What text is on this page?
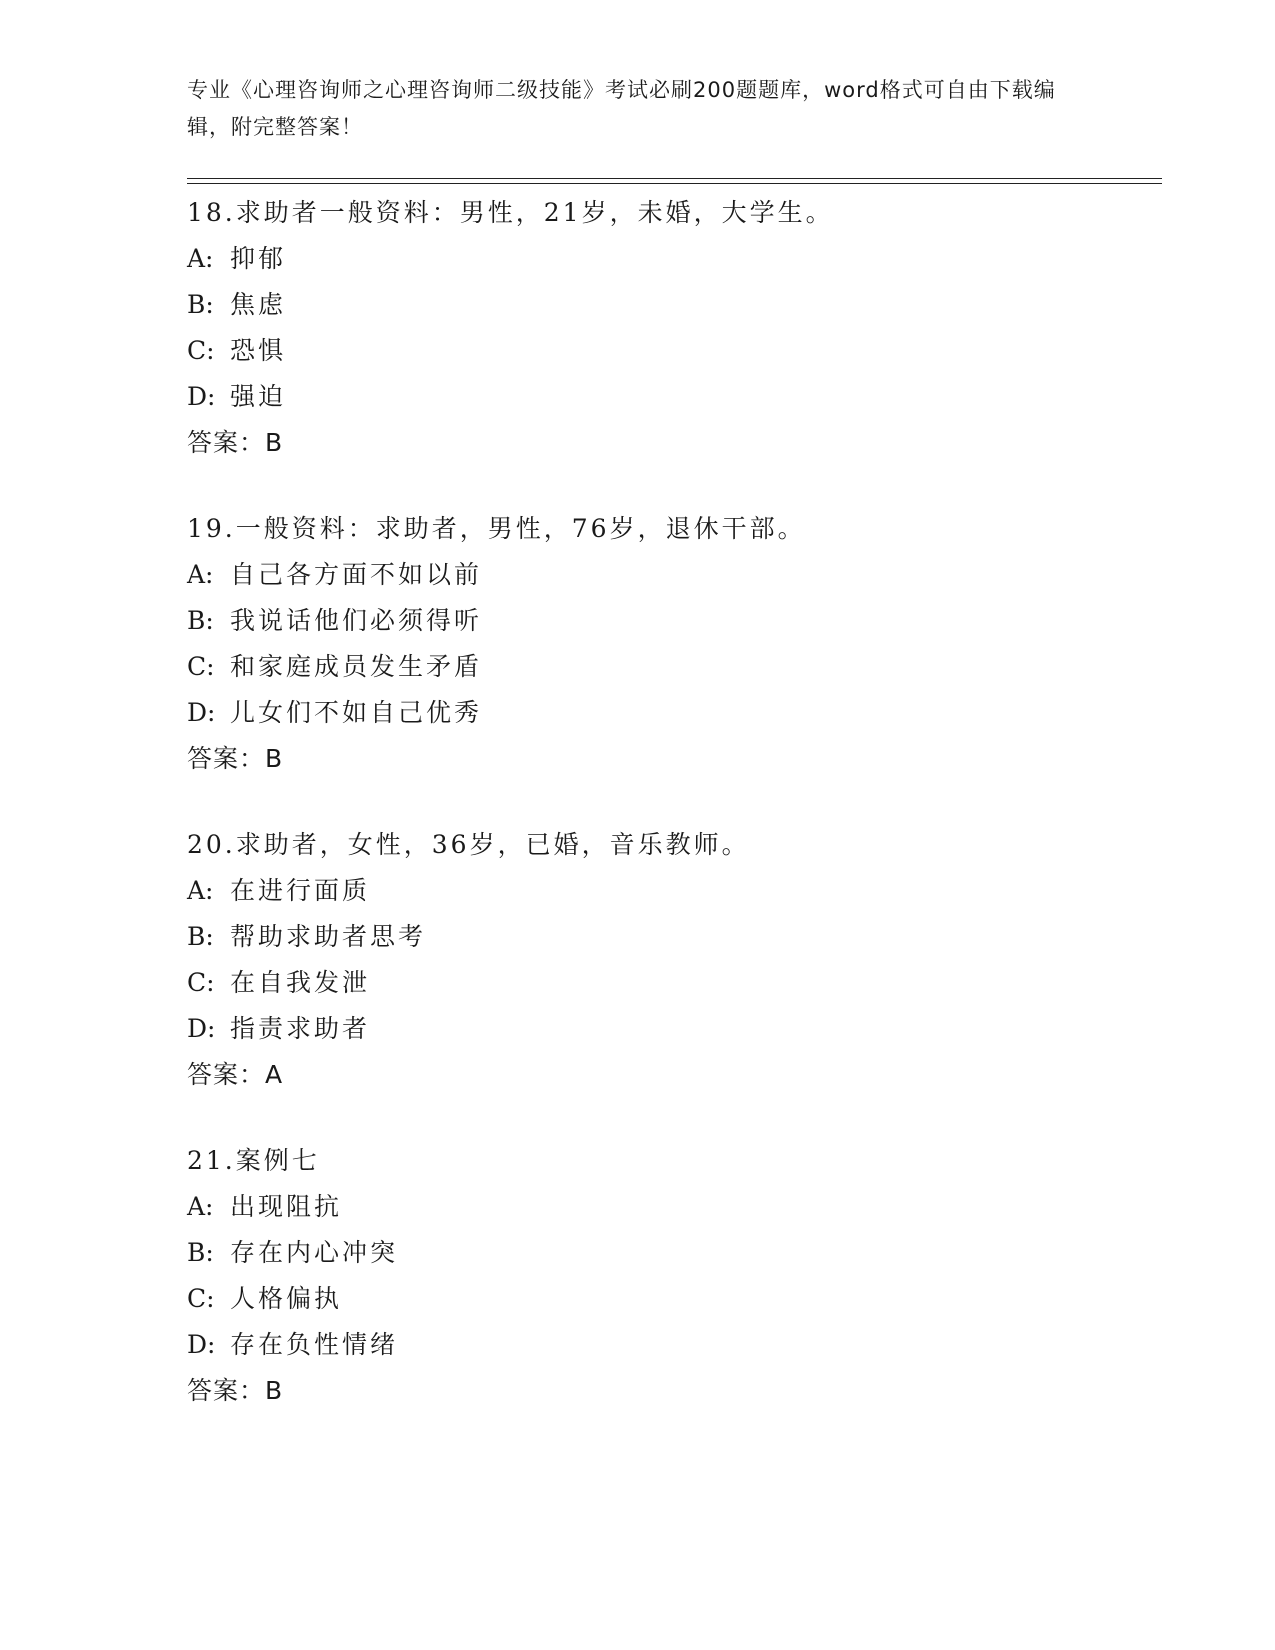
专业《心理咨询师之心理咨询师二级技能》考试必刷200题题库，word格式可自由下载编辑，附完整答案！
18.求助者一般资料：男性，21岁，未婚，大学生。
A: 抑郁
B: 焦虑
C: 恐惧
D: 强迫
答案：B
19.一般资料：求助者，男性，76岁，退休干部。
A: 自己各方面不如以前
B: 我说话他们必须得听
C: 和家庭成员发生矛盾
D: 儿女们不如自己优秀
答案：B
20.求助者，女性，36岁，已婚，音乐教师。
A: 在进行面质
B: 帮助求助者思考
C: 在自我发泄
D: 指责求助者
答案：A
21.案例七
A: 出现阻抗
B: 存在内心冲突
C: 人格偏执
D: 存在负性情绪
答案：B
